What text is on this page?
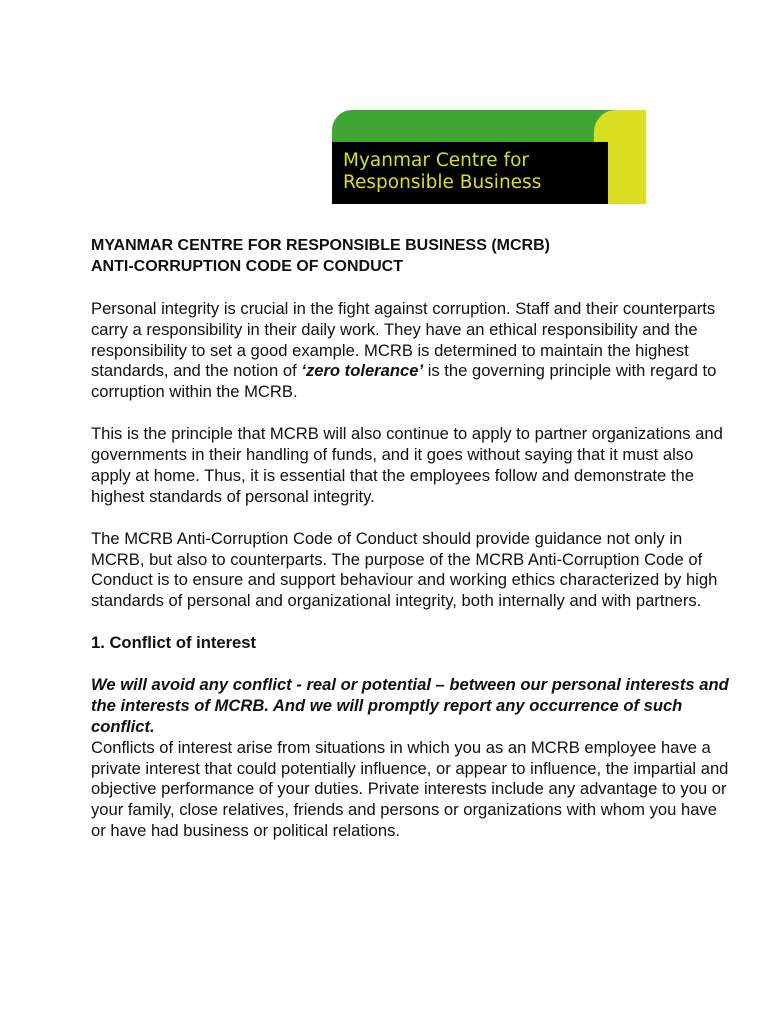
Myanmar Centre for
Responsible Business
MYANMAR CENTRE FOR RESPONSIBLE BUSINESS (MCRB)
ANTI-CORRUPTION CODE OF CONDUCT

Personal integrity is crucial in the fight against corruption. Staff and their counterparts carry a responsibility in their daily work. They have an ethical responsibility and the responsibility to set a good example. MCRB is determined to maintain the highest standards, and the notion of ‘zero tolerance’ is the governing principle with regard to corruption within the MCRB.

This is the principle that MCRB will also continue to apply to partner organizations and governments in their handling of funds, and it goes without saying that it must also apply at home. Thus, it is essential that the employees follow and demonstrate the highest standards of personal integrity.

The MCRB Anti-Corruption Code of Conduct should provide guidance not only in MCRB, but also to counterparts. The purpose of the MCRB Anti-Corruption Code of Conduct is to ensure and support behaviour and working ethics characterized by high standards of personal and organizational integrity, both internally and with partners.

1. Conflict of interest

We will avoid any conflict - real or potential – between our personal interests and the interests of MCRB. And we will promptly report any occurrence of such conflict.

Conflicts of interest arise from situations in which you as an MCRB employee have a private interest that could potentially influence, or appear to influence, the impartial and objective performance of your duties. Private interests include any advantage to you or your family, close relatives, friends and persons or organizations with whom you have or have had business or political relations.
